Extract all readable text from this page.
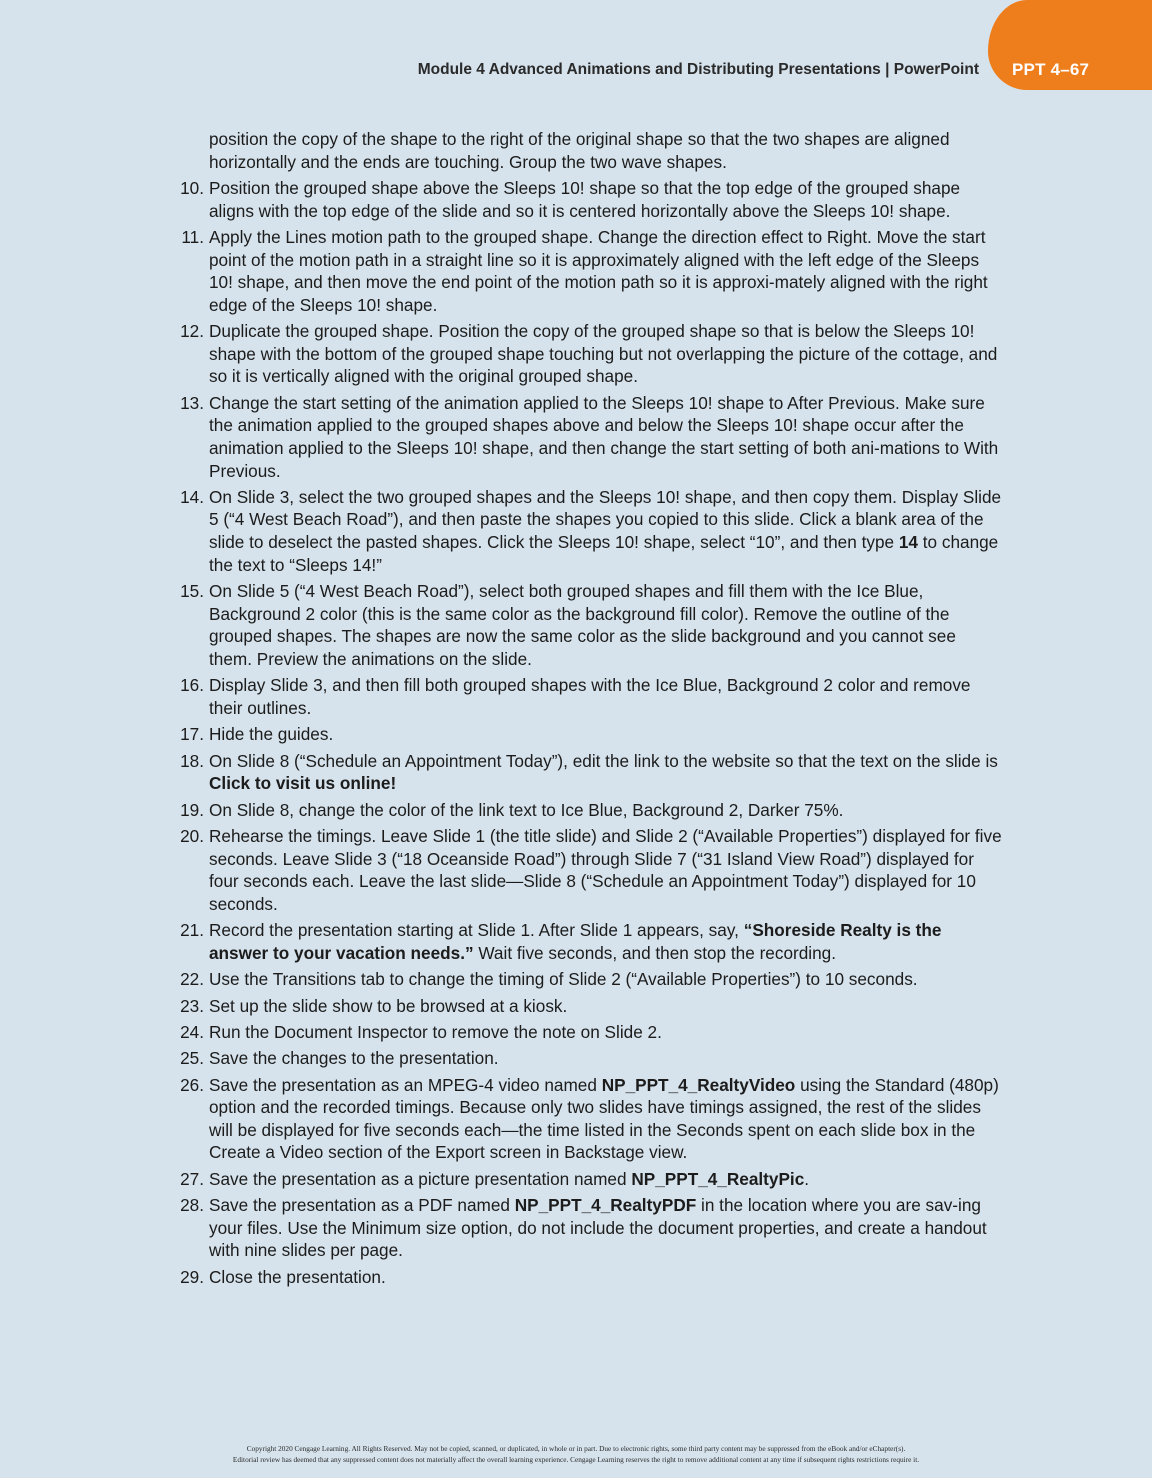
PPT 4–67
Module 4 Advanced Animations and Distributing Presentations | PowerPoint
position the copy of the shape to the right of the original shape so that the two shapes are aligned horizontally and the ends are touching. Group the two wave shapes.
10. Position the grouped shape above the Sleeps 10! shape so that the top edge of the grouped shape aligns with the top edge of the slide and so it is centered horizontally above the Sleeps 10! shape.
11. Apply the Lines motion path to the grouped shape. Change the direction effect to Right. Move the start point of the motion path in a straight line so it is approximately aligned with the left edge of the Sleeps 10! shape, and then move the end point of the motion path so it is approxi-mately aligned with the right edge of the Sleeps 10! shape.
12. Duplicate the grouped shape. Position the copy of the grouped shape so that is below the Sleeps 10! shape with the bottom of the grouped shape touching but not overlapping the picture of the cottage, and so it is vertically aligned with the original grouped shape.
13. Change the start setting of the animation applied to the Sleeps 10! shape to After Previous. Make sure the animation applied to the grouped shapes above and below the Sleeps 10! shape occur after the animation applied to the Sleeps 10! shape, and then change the start setting of both ani-mations to With Previous.
14. On Slide 3, select the two grouped shapes and the Sleeps 10! shape, and then copy them. Display Slide 5 (“4 West Beach Road”), and then paste the shapes you copied to this slide. Click a blank area of the slide to deselect the pasted shapes. Click the Sleeps 10! shape, select “10”, and then type 14 to change the text to “Sleeps 14!”
15. On Slide 5 (“4 West Beach Road”), select both grouped shapes and fill them with the Ice Blue, Background 2 color (this is the same color as the background fill color). Remove the outline of the grouped shapes. The shapes are now the same color as the slide background and you cannot see them. Preview the animations on the slide.
16. Display Slide 3, and then fill both grouped shapes with the Ice Blue, Background 2 color and remove their outlines.
17. Hide the guides.
18. On Slide 8 (“Schedule an Appointment Today”), edit the link to the website so that the text on the slide is Click to visit us online!
19. On Slide 8, change the color of the link text to Ice Blue, Background 2, Darker 75%.
20. Rehearse the timings. Leave Slide 1 (the title slide) and Slide 2 (“Available Properties”) displayed for five seconds. Leave Slide 3 (“18 Oceanside Road”) through Slide 7 (“31 Island View Road”) displayed for four seconds each. Leave the last slide—Slide 8 (“Schedule an Appointment Today”) displayed for 10 seconds.
21. Record the presentation starting at Slide 1. After Slide 1 appears, say, “Shoreside Realty is the answer to your vacation needs.” Wait five seconds, and then stop the recording.
22. Use the Transitions tab to change the timing of Slide 2 (“Available Properties”) to 10 seconds.
23. Set up the slide show to be browsed at a kiosk.
24. Run the Document Inspector to remove the note on Slide 2.
25. Save the changes to the presentation.
26. Save the presentation as an MPEG-4 video named NP_PPT_4_RealtyVideo using the Standard (480p) option and the recorded timings. Because only two slides have timings assigned, the rest of the slides will be displayed for five seconds each—the time listed in the Seconds spent on each slide box in the Create a Video section of the Export screen in Backstage view.
27. Save the presentation as a picture presentation named NP_PPT_4_RealtyPic.
28. Save the presentation as a PDF named NP_PPT_4_RealtyPDF in the location where you are sav-ing your files. Use the Minimum size option, do not include the document properties, and create a handout with nine slides per page.
29. Close the presentation.
Copyright 2020 Cengage Learning. All Rights Reserved. May not be copied, scanned, or duplicated, in whole or in part. Due to electronic rights, some third party content may be suppressed from the eBook and/or eChapter(s).
Editorial review has deemed that any suppressed content does not materially affect the overall learning experience. Cengage Learning reserves the right to remove additional content at any time if subsequent rights restrictions require it.
